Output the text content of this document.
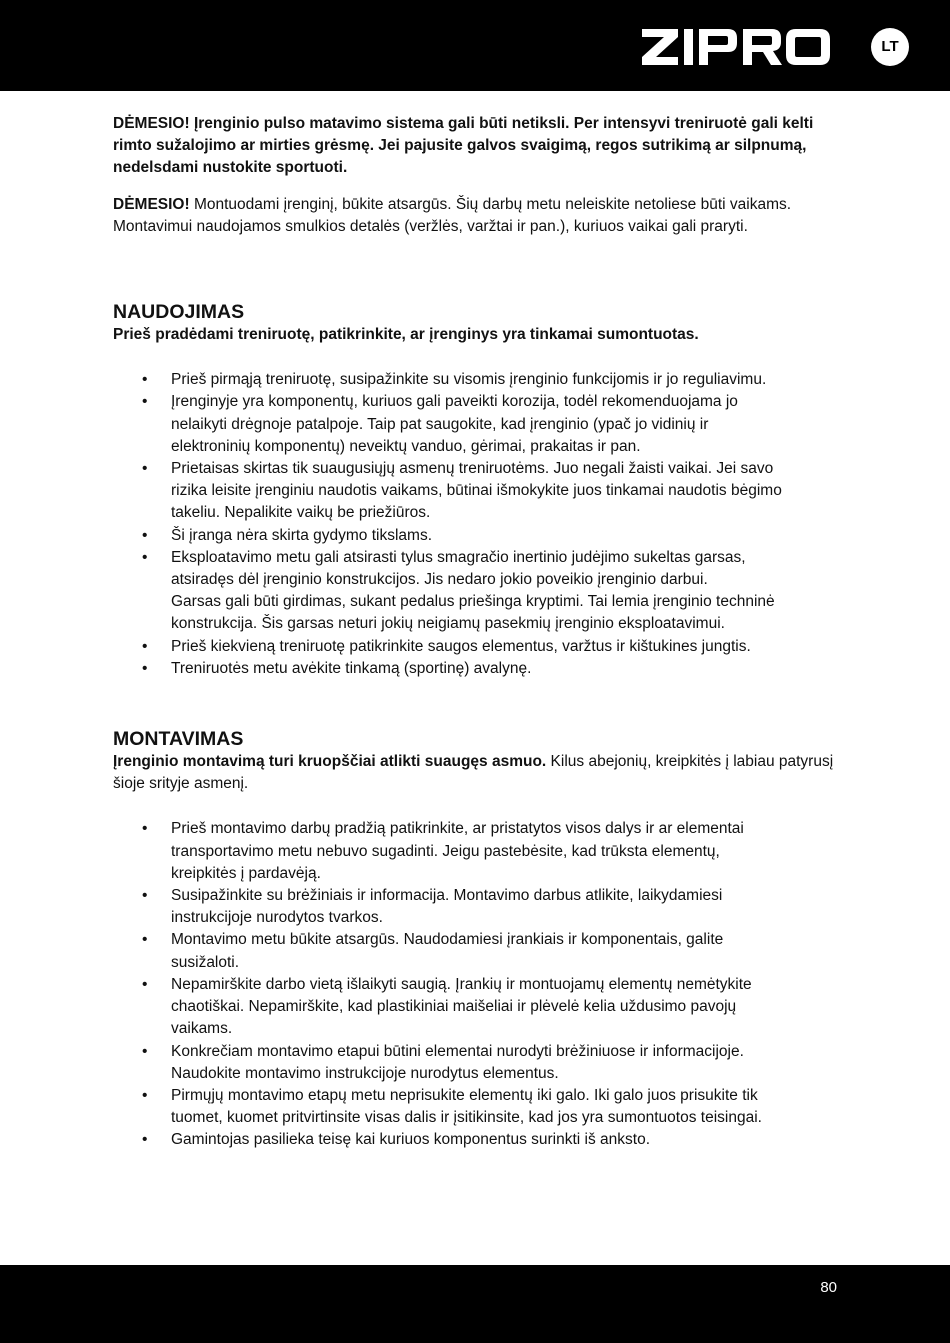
LT

DĖMESIO! Įrenginio pulso matavimo sistema gali būti netiksli. Per intensyvi treniruotė gali kelti rimto sužalojimo ar mirties grėsmę. Jei pajusite galvos svaigimą, regos sutrikimą ar silpnumą, nedelsdami nustokite sportuoti.

DĖMESIO! Montuodami įrenginį, būkite atsargūs. Šių darbų metu neleiskite netoliese būti vaikams. Montavimui naudojamos smulkios detalės (veržlės, varžtai ir pan.), kuriuos vaikai gali praryti.

NAUDOJIMAS

Prieš pradėdami treniruotę, patikrinkite, ar įrenginys yra tinkamai sumontuotas.

• Prieš pirmąją treniruotę, susipažinkite su visomis įrenginio funkcijomis ir jo reguliavimu.
• Įrenginyje yra komponentų, kuriuos gali paveikti korozija, todėl rekomenduojama jo
nelaikyti drėgnoje patalpoje. Taip pat saugokite, kad įrenginio (ypač jo vidinių ir
elektroninių komponentų) neveiktų vanduo, gėrimai, prakaitas ir pan.
• Prietaisas skirtas tik suaugusiųjų asmenų treniruotėms. Juo negali žaisti vaikai. Jei savo
rizika leisite įrenginiu naudotis vaikams, būtinai išmokykite juos tinkamai naudotis bėgimo
takeliu. Nepalikite vaikų be priežiūros.
• Ši įranga nėra skirta gydymo tikslams.
• Eksploatavimo metu gali atsirasti tylus smagračio inertinio judėjimo sukeltas garsas,
atsiradęs dėl įrenginio konstrukcijos. Jis nedaro jokio poveikio įrenginio darbui.
Garsas gali būti girdimas, sukant pedalus priešinga kryptimi. Tai lemia įrenginio techninė
konstrukcija. Šis garsas neturi jokių neigiamų pasekmių įrenginio eksploatavimui.
• Prieš kiekvieną treniruotę patikrinkite saugos elementus, varžtus ir kištukines jungtis.
• Treniruotės metu avėkite tinkamą (sportinę) avalynę.
MONTAVIMAS

Įrenginio montavimą turi kruopščiai atlikti suaugęs asmuo. Kilus abejonių, kreipkitės į labiau patyrusį šioje srityje asmenį.

• Prieš montavimo darbų pradžią patikrinkite, ar pristatytos visos dalys ir ar elementai
transportavimo metu nebuvo sugadinti. Jeigu pastebėsite, kad trūksta elementų,
kreipkitės į pardavėją.
• Susipažinkite su brėžiniais ir informacija. Montavimo darbus atlikite, laikydamiesi
instrukcijoje nurodytos tvarkos.
• Montavimo metu būkite atsargūs. Naudodamiesi įrankiais ir komponentais, galite
susižaloti.
• Nepamirškite darbo vietą išlaikyti saugią. Įrankių ir montuojamų elementų nemėtykite
chaotiškai. Nepamirškite, kad plastikiniai maišeliai ir plėvelė kelia uždusimo pavojų
vaikams.
• Konkrečiam montavimo etapui būtini elementai nurodyti brėžiniuose ir informacijoje.
Naudokite montavimo instrukcijoje nurodytus elementus.
• Pirmųjų montavimo etapų metu neprisukite elementų iki galo. Iki galo juos prisukite tik
tuomet, kuomet pritvirtinsite visas dalis ir įsitikinsite, kad jos yra sumontuotos teisingai.
• Gamintojas pasilieka teisę kai kuriuos komponentus surinkti iš anksto.
80
